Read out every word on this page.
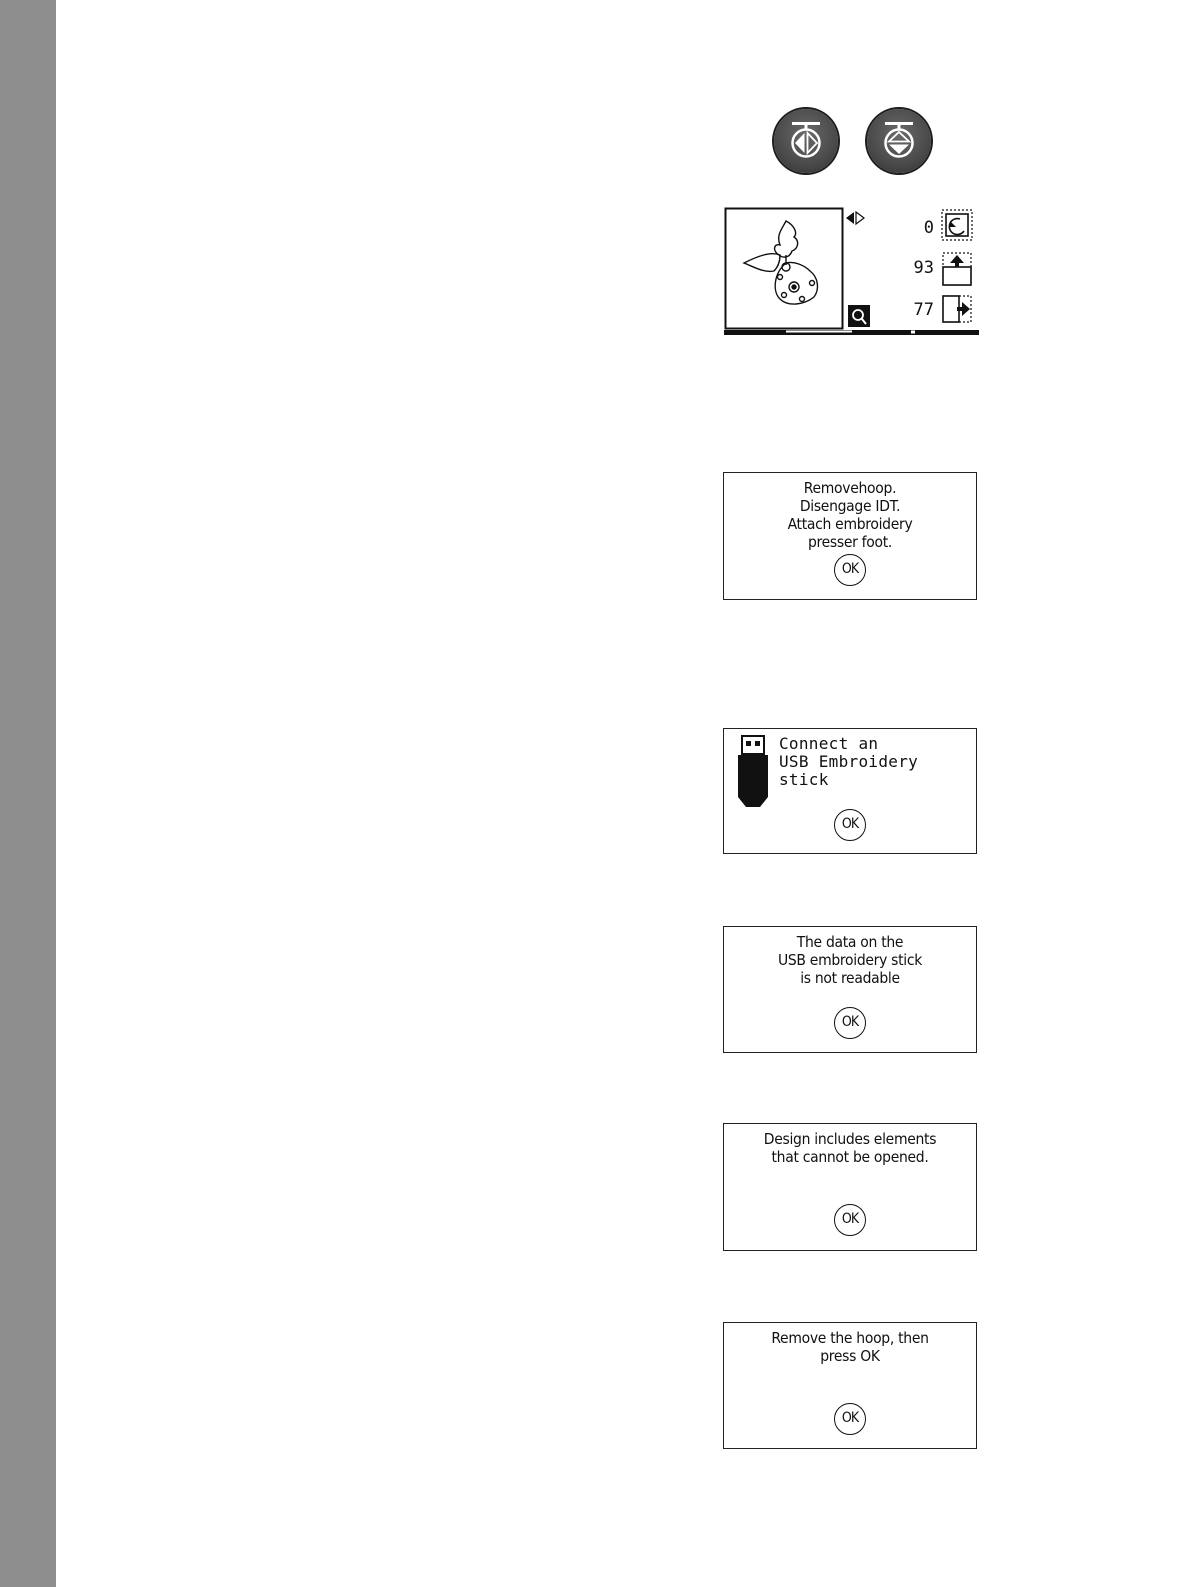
0
93
77
Removehoop.
Disengage IDT.
Attach embroidery
presser foot.
OK
Connect an
USB Embroidery
stick
OK
The data on the
USB embroidery stick
is not readable
OK
Design includes elements
that cannot be opened.
OK
Remove the hoop, then
press OK
OK
